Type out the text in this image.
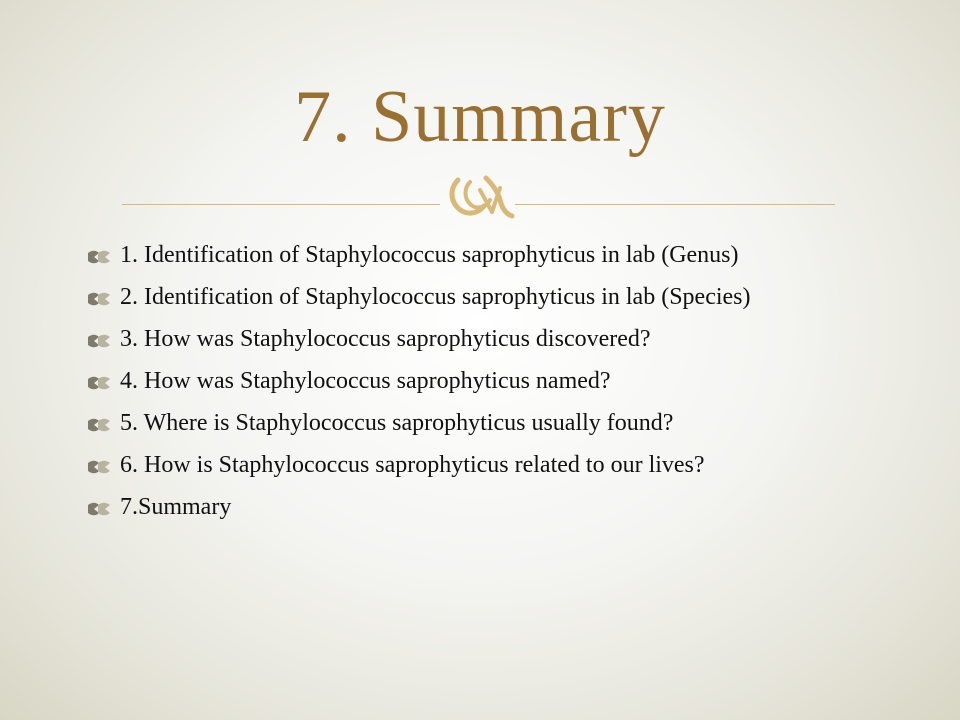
7. Summary
1. Identification of Staphylococcus saprophyticus in lab (Genus)
2. Identification of Staphylococcus saprophyticus in lab (Species)
3. How was Staphylococcus saprophyticus discovered?
4. How was Staphylococcus saprophyticus named?
5. Where is Staphylococcus saprophyticus usually found?
6. How is Staphylococcus saprophyticus related to our lives?
7.Summary
